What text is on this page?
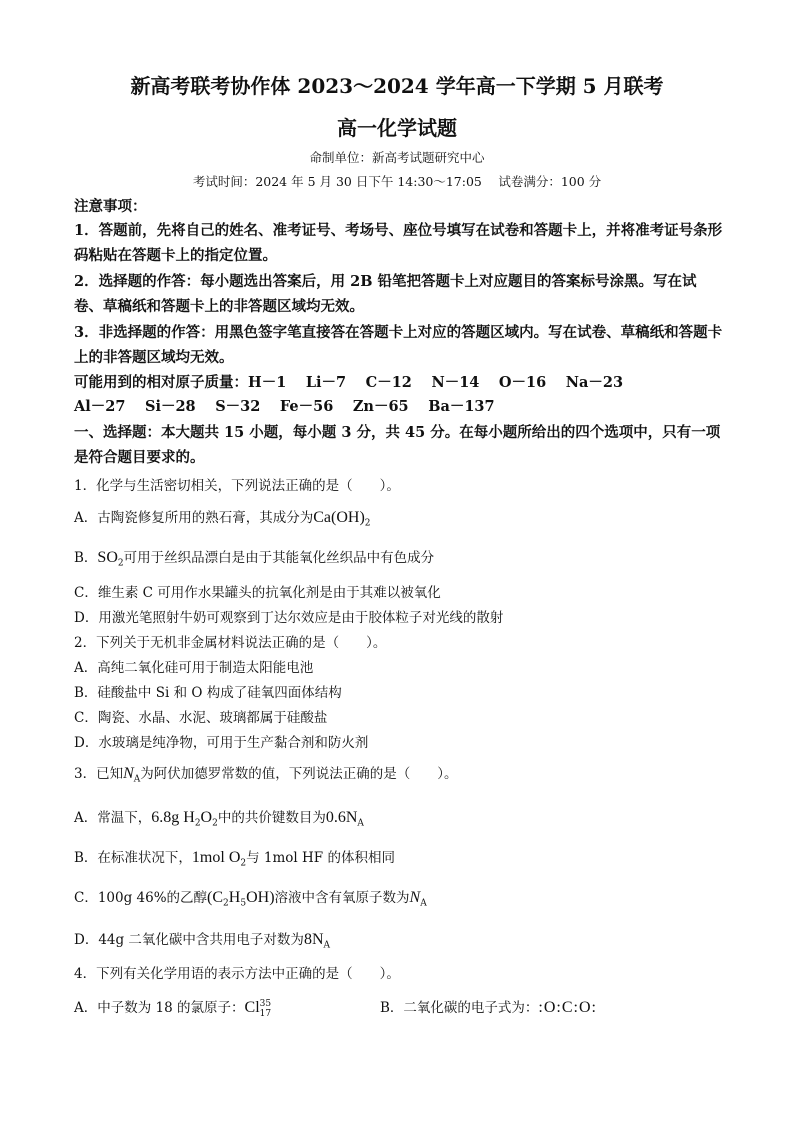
新高考联考协作体 2023～2024 学年高一下学期 5 月联考
高一化学试题
命制单位：新高考试题研究中心
考试时间：2024 年 5 月 30 日下午 14:30～17:05　 试卷满分：100 分
注意事项：
1．答题前，先将自己的姓名、准考证号、考场号、座位号填写在试卷和答题卡上，并将准考证号条形码粘贴在答题卡上的指定位置。
2．选择题的作答：每小题选出答案后，用 2B 铅笔把答题卡上对应题目的答案标号涂黑。写在试卷、草稿纸和答题卡上的非答题区域均无效。
3．非选择题的作答：用黑色签字笔直接答在答题卡上对应的答题区域内。写在试卷、草稿纸和答题卡上的非答题区域均无效。
可能用到的相对原子质量：H－1　 Li－7　 C－12　 N－14　 O－16　 Na－23
Al－27　 Si－28　 S－32　 Fe－56　 Zn－65　 Ba－137
一、选择题：本大题共 15 小题，每小题 3 分，共 45 分。在每小题所给出的四个选项中，只有一项是符合题目要求的。
1．化学与生活密切相关，下列说法正确的是（　　）。
A．古陶瓷修复所用的熟石膏，其成分为$Ca(OH)_2$
B．$SO_2$可用于丝织品漂白是由于其能氧化丝织品中有色成分
C．维生素 C 可用作水果罐头的抗氧化剂是由于其难以被氧化
D．用激光笔照射牛奶可观察到丁达尔效应是由于胶体粒子对光线的散射
2．下列关于无机非金属材料说法正确的是（　　）。
A．高纯二氧化硅可用于制造太阳能电池
B．硅酸盐中 Si 和 O 构成了硅氧四面体结构
C．陶瓷、水晶、水泥、玻璃都属于硅酸盐
D．水玻璃是纯净物，可用于生产黏合剂和防火剂
3．已知$N_A$为阿伏加德罗常数的值，下列说法正确的是（　　）。
A．常温下，6.8g $H_2O_2$中的共价键数目为$0.6N_A$
B．在标准状况下，1mol $O_2$与 1mol HF 的体积相同
C．100g 46%的乙醇$(C_2H_5OH)$溶液中含有氧原子数为$N_A$
D．44g 二氧化碳中含共用电子对数为$8N_A$
4．下列有关化学用语的表示方法中正确的是（　　）。
A．中子数为 18 的氯原子：Cl 35
17	B．二氧化碳的电子式为：:O:C:O:
